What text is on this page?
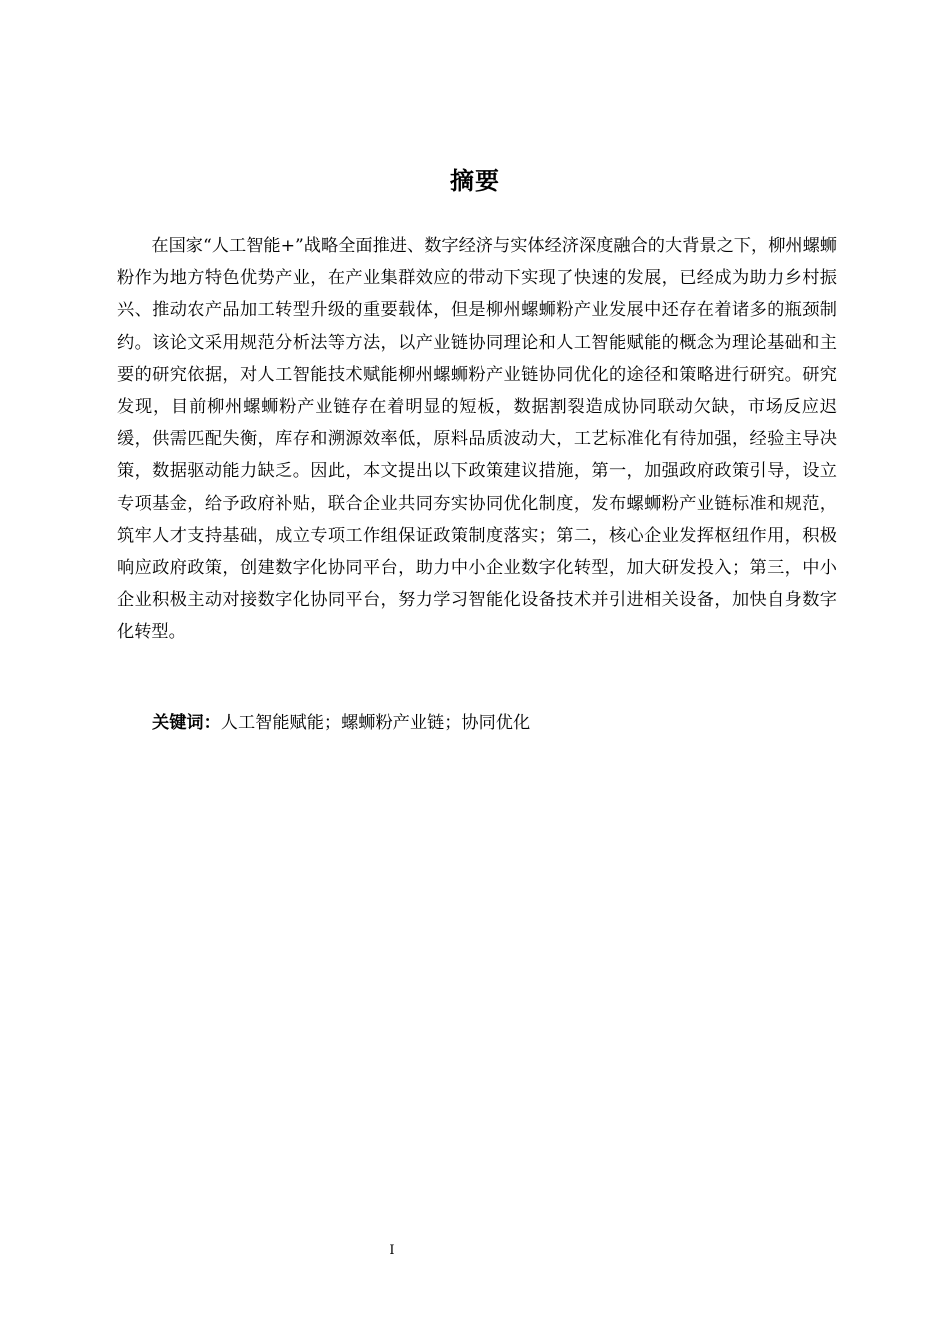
摘要

在国家“人工智能+”战略全面推进、数字经济与实体经济深度融合的大背景之下，柳州螺蛳粉作为地方特色优势产业，在产业集群效应的带动下实现了快速的发展，已经成为助力乡村振兴、推动农产品加工转型升级的重要载体，但是柳州螺蛳粉产业发展中还存在着诸多的瓶颈制约。该论文采用规范分析法等方法，以产业链协同理论和人工智能赋能的概念为理论基础和主要的研究依据，对人工智能技术赋能柳州螺蛳粉产业链协同优化的途径和策略进行研究。研究发现，目前柳州螺蛳粉产业链存在着明显的短板，数据割裂造成协同联动欠缺，市场反应迟缓，供需匹配失衡，库存和溯源效率低，原料品质波动大，工艺标准化有待加强，经验主导决策，数据驱动能力缺乏。因此，本文提出以下政策建议措施，第一，加强政府政策引导，设立专项基金，给予政府补贴，联合企业共同夯实协同优化制度，发布螺蛳粉产业链标准和规范，筑牢人才支持基础，成立专项工作组保证政策制度落实；第二，核心企业发挥枢纽作用，积极响应政府政策，创建数字化协同平台，助力中小企业数字化转型，加大研发投入；第三，中小企业积极主动对接数字化协同平台，努力学习智能化设备技术并引进相关设备，加快自身数字化转型。

关键词：人工智能赋能；螺蛳粉产业链；协同优化

I
